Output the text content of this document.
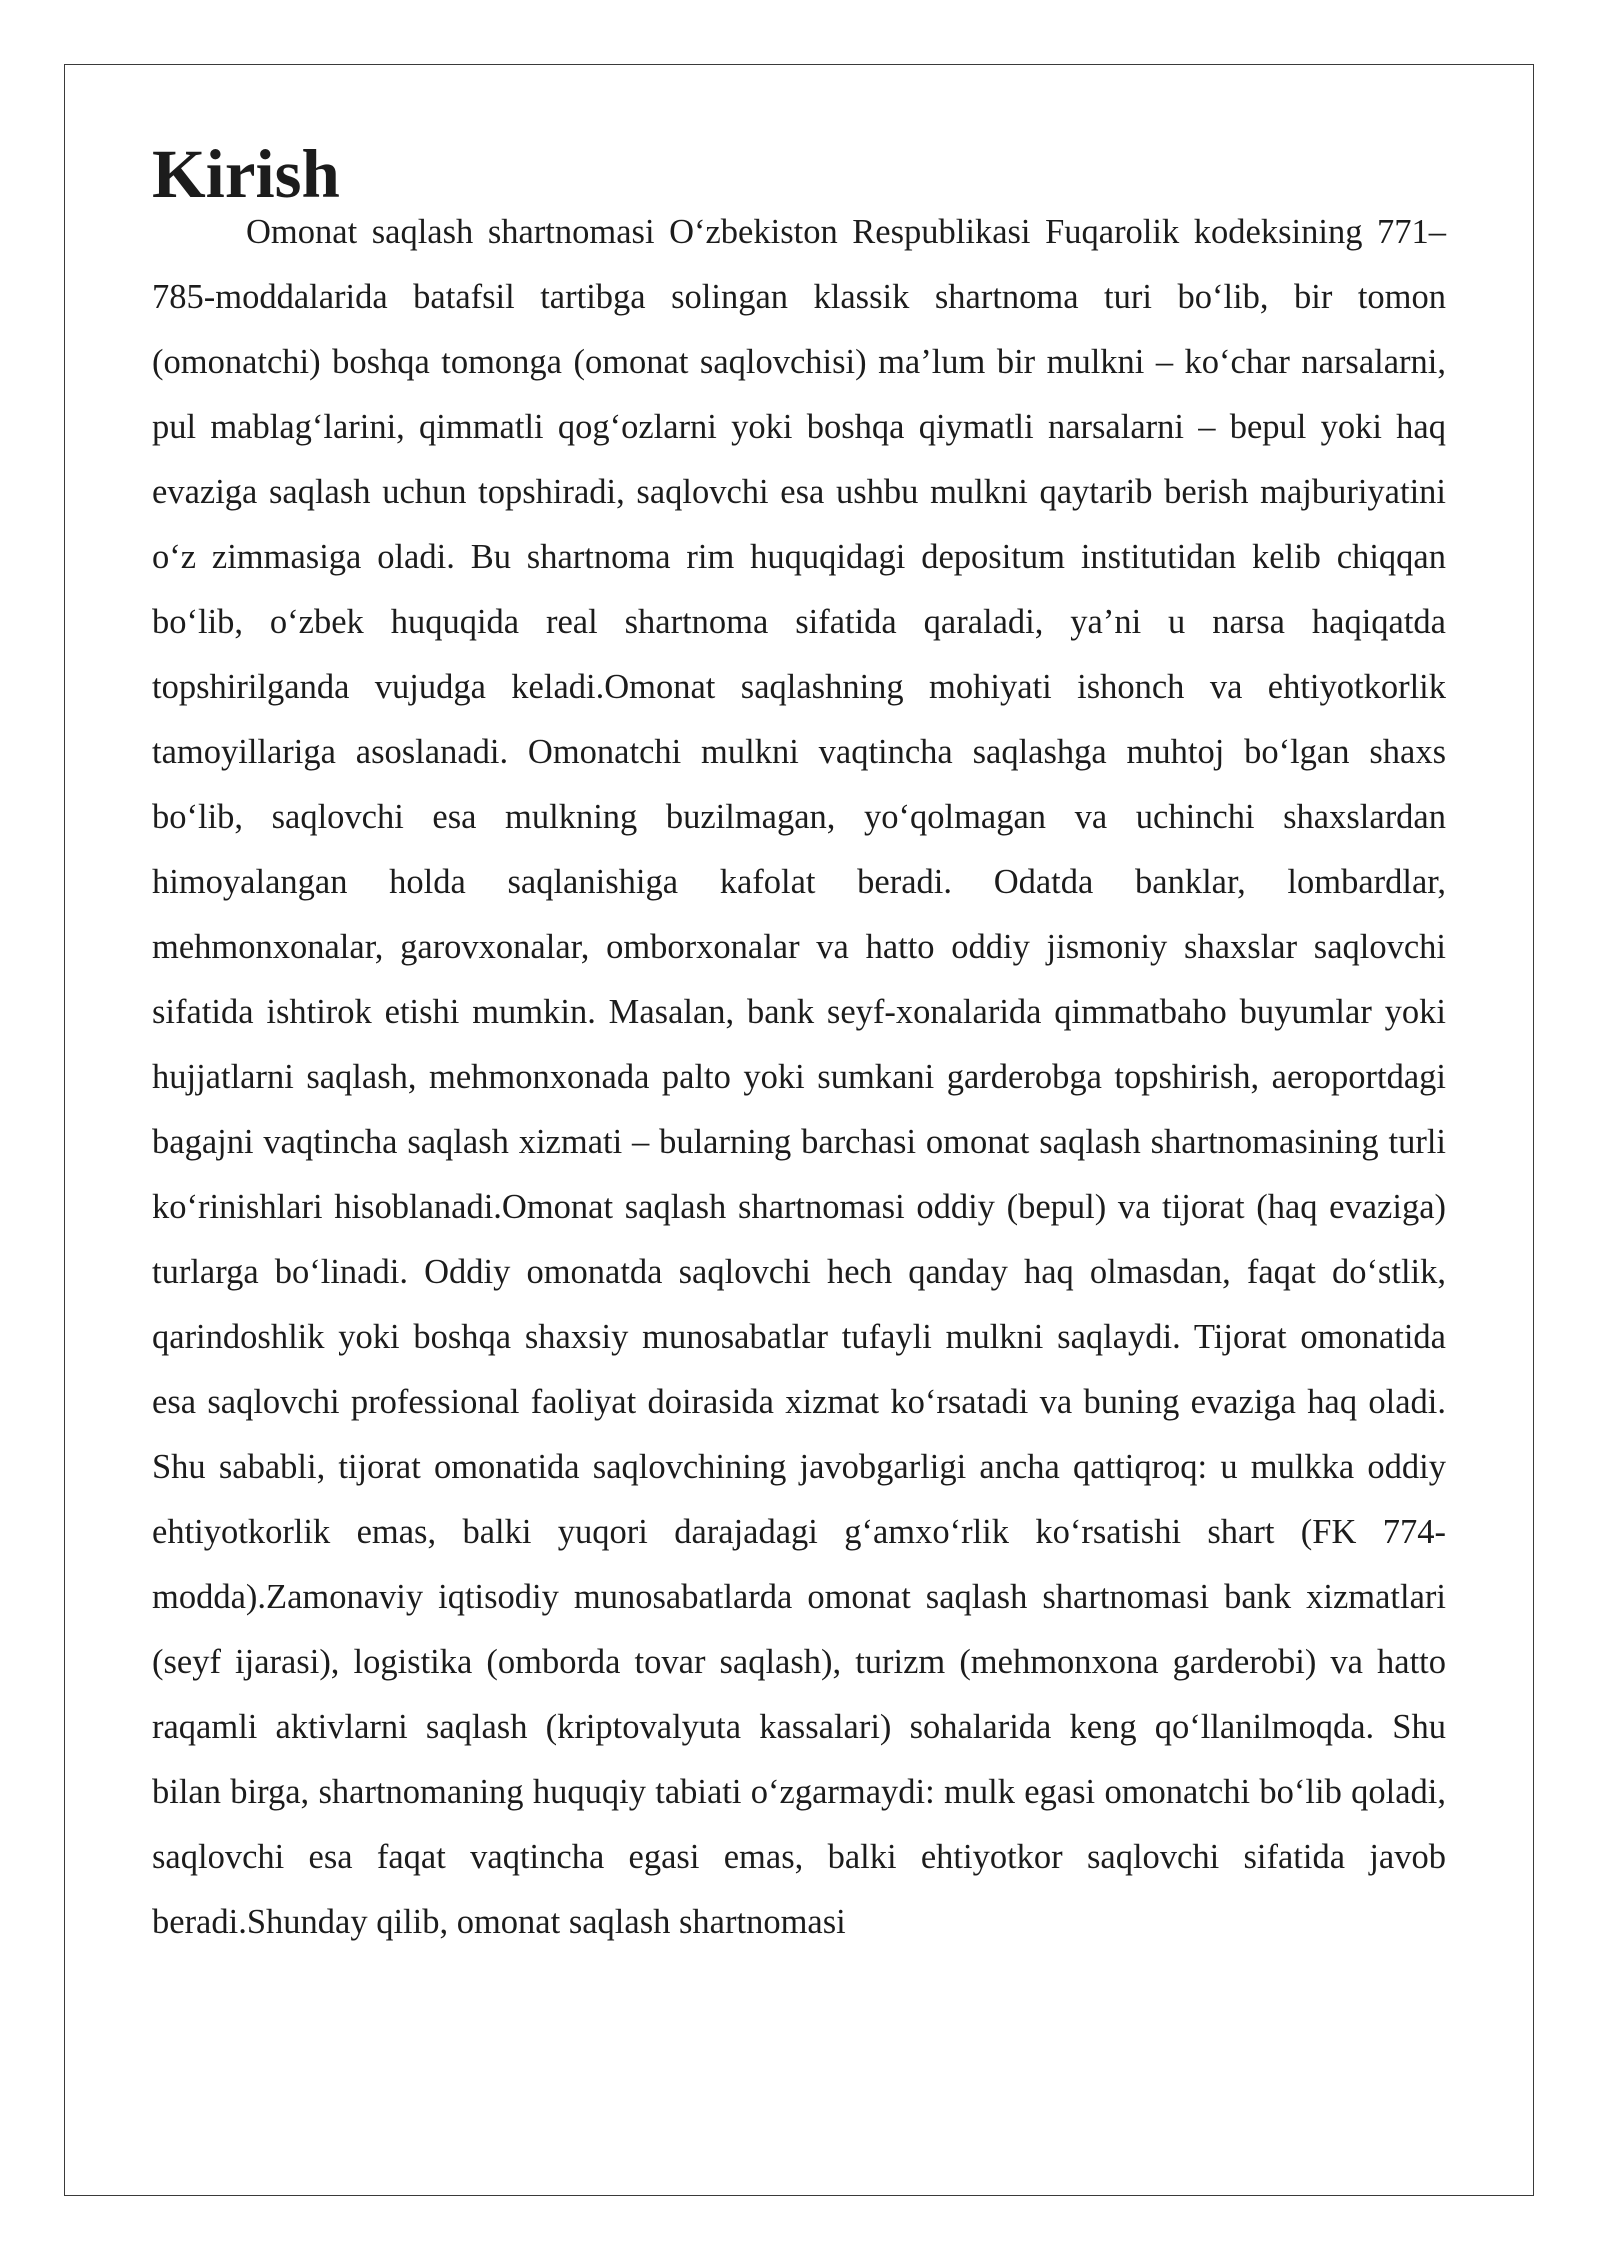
Kirish

Omonat saqlash shartnomasi O‘zbekiston Respublikasi Fuqarolik kodeksining 771–785-moddalarida batafsil tartibga solingan klassik shartnoma turi bo‘lib, bir tomon (omonatchi) boshqa tomonga (omonat saqlovchisi) ma’lum bir mulkni – ko‘char narsalarni, pul mablag‘larini, qimmatli qog‘ozlarni yoki boshqa qiymatli narsalarni – bepul yoki haq evaziga saqlash uchun topshiradi, saqlovchi esa ushbu mulkni qaytarib berish majburiyatini o‘z zimmasiga oladi. Bu shartnoma rim huquqidagi depositum institutidan kelib chiqqan bo‘lib, o‘zbek huquqida real shartnoma sifatida qaraladi, ya’ni u narsa haqiqatda topshirilganda vujudga keladi.Omonat saqlashning mohiyati ishonch va ehtiyotkorlik tamoyillariga asoslanadi. Omonatchi mulkni vaqtincha saqlashga muhtoj bo‘lgan shaxs bo‘lib, saqlovchi esa mulkning buzilmagan, yo‘qolmagan va uchinchi shaxslardan himoyalangan holda saqlanishiga kafolat beradi. Odatda banklar, lombardlar, mehmonxonalar, garovxonalar, omborxonalar va hatto oddiy jismoniy shaxslar saqlovchi sifatida ishtirok etishi mumkin. Masalan, bank seyf-xonalarida qimmatbaho buyumlar yoki hujjatlarni saqlash, mehmonxonada palto yoki sumkani garderobga topshirish, aeroportdagi bagajni vaqtincha saqlash xizmati – bularning barchasi omonat saqlash shartnomasining turli ko‘rinishlari hisoblanadi.Omonat saqlash shartnomasi oddiy (bepul) va tijorat (haq evaziga) turlarga bo‘linadi. Oddiy omonatda saqlovchi hech qanday haq olmasdan, faqat do‘stlik, qarindoshlik yoki boshqa shaxsiy munosabatlar tufayli mulkni saqlaydi. Tijorat omonatida esa saqlovchi professional faoliyat doirasida xizmat ko‘rsatadi va buning evaziga haq oladi. Shu sababli, tijorat omonatida saqlovchining javobgarligi ancha qattiqroq: u mulkka oddiy ehtiyotkorlik emas, balki yuqori darajadagi g‘amxo‘rlik ko‘rsatishi shart (FK 774-modda).Zamonaviy iqtisodiy munosabatlarda omonat saqlash shartnomasi bank xizmatlari (seyf ijarasi), logistika (omborda tovar saqlash), turizm (mehmonxona garderobi) va hatto raqamli aktivlarni saqlash (kriptovalyuta kassalari) sohalarida keng qo‘llanilmoqda. Shu bilan birga, shartnomaning huquqiy tabiati o‘zgarmaydi: mulk egasi omonatchi bo‘lib qoladi, saqlovchi esa faqat vaqtincha egasi emas, balki ehtiyotkor saqlovchi sifatida javob beradi.Shunday qilib, omonat saqlash shartnomasi
